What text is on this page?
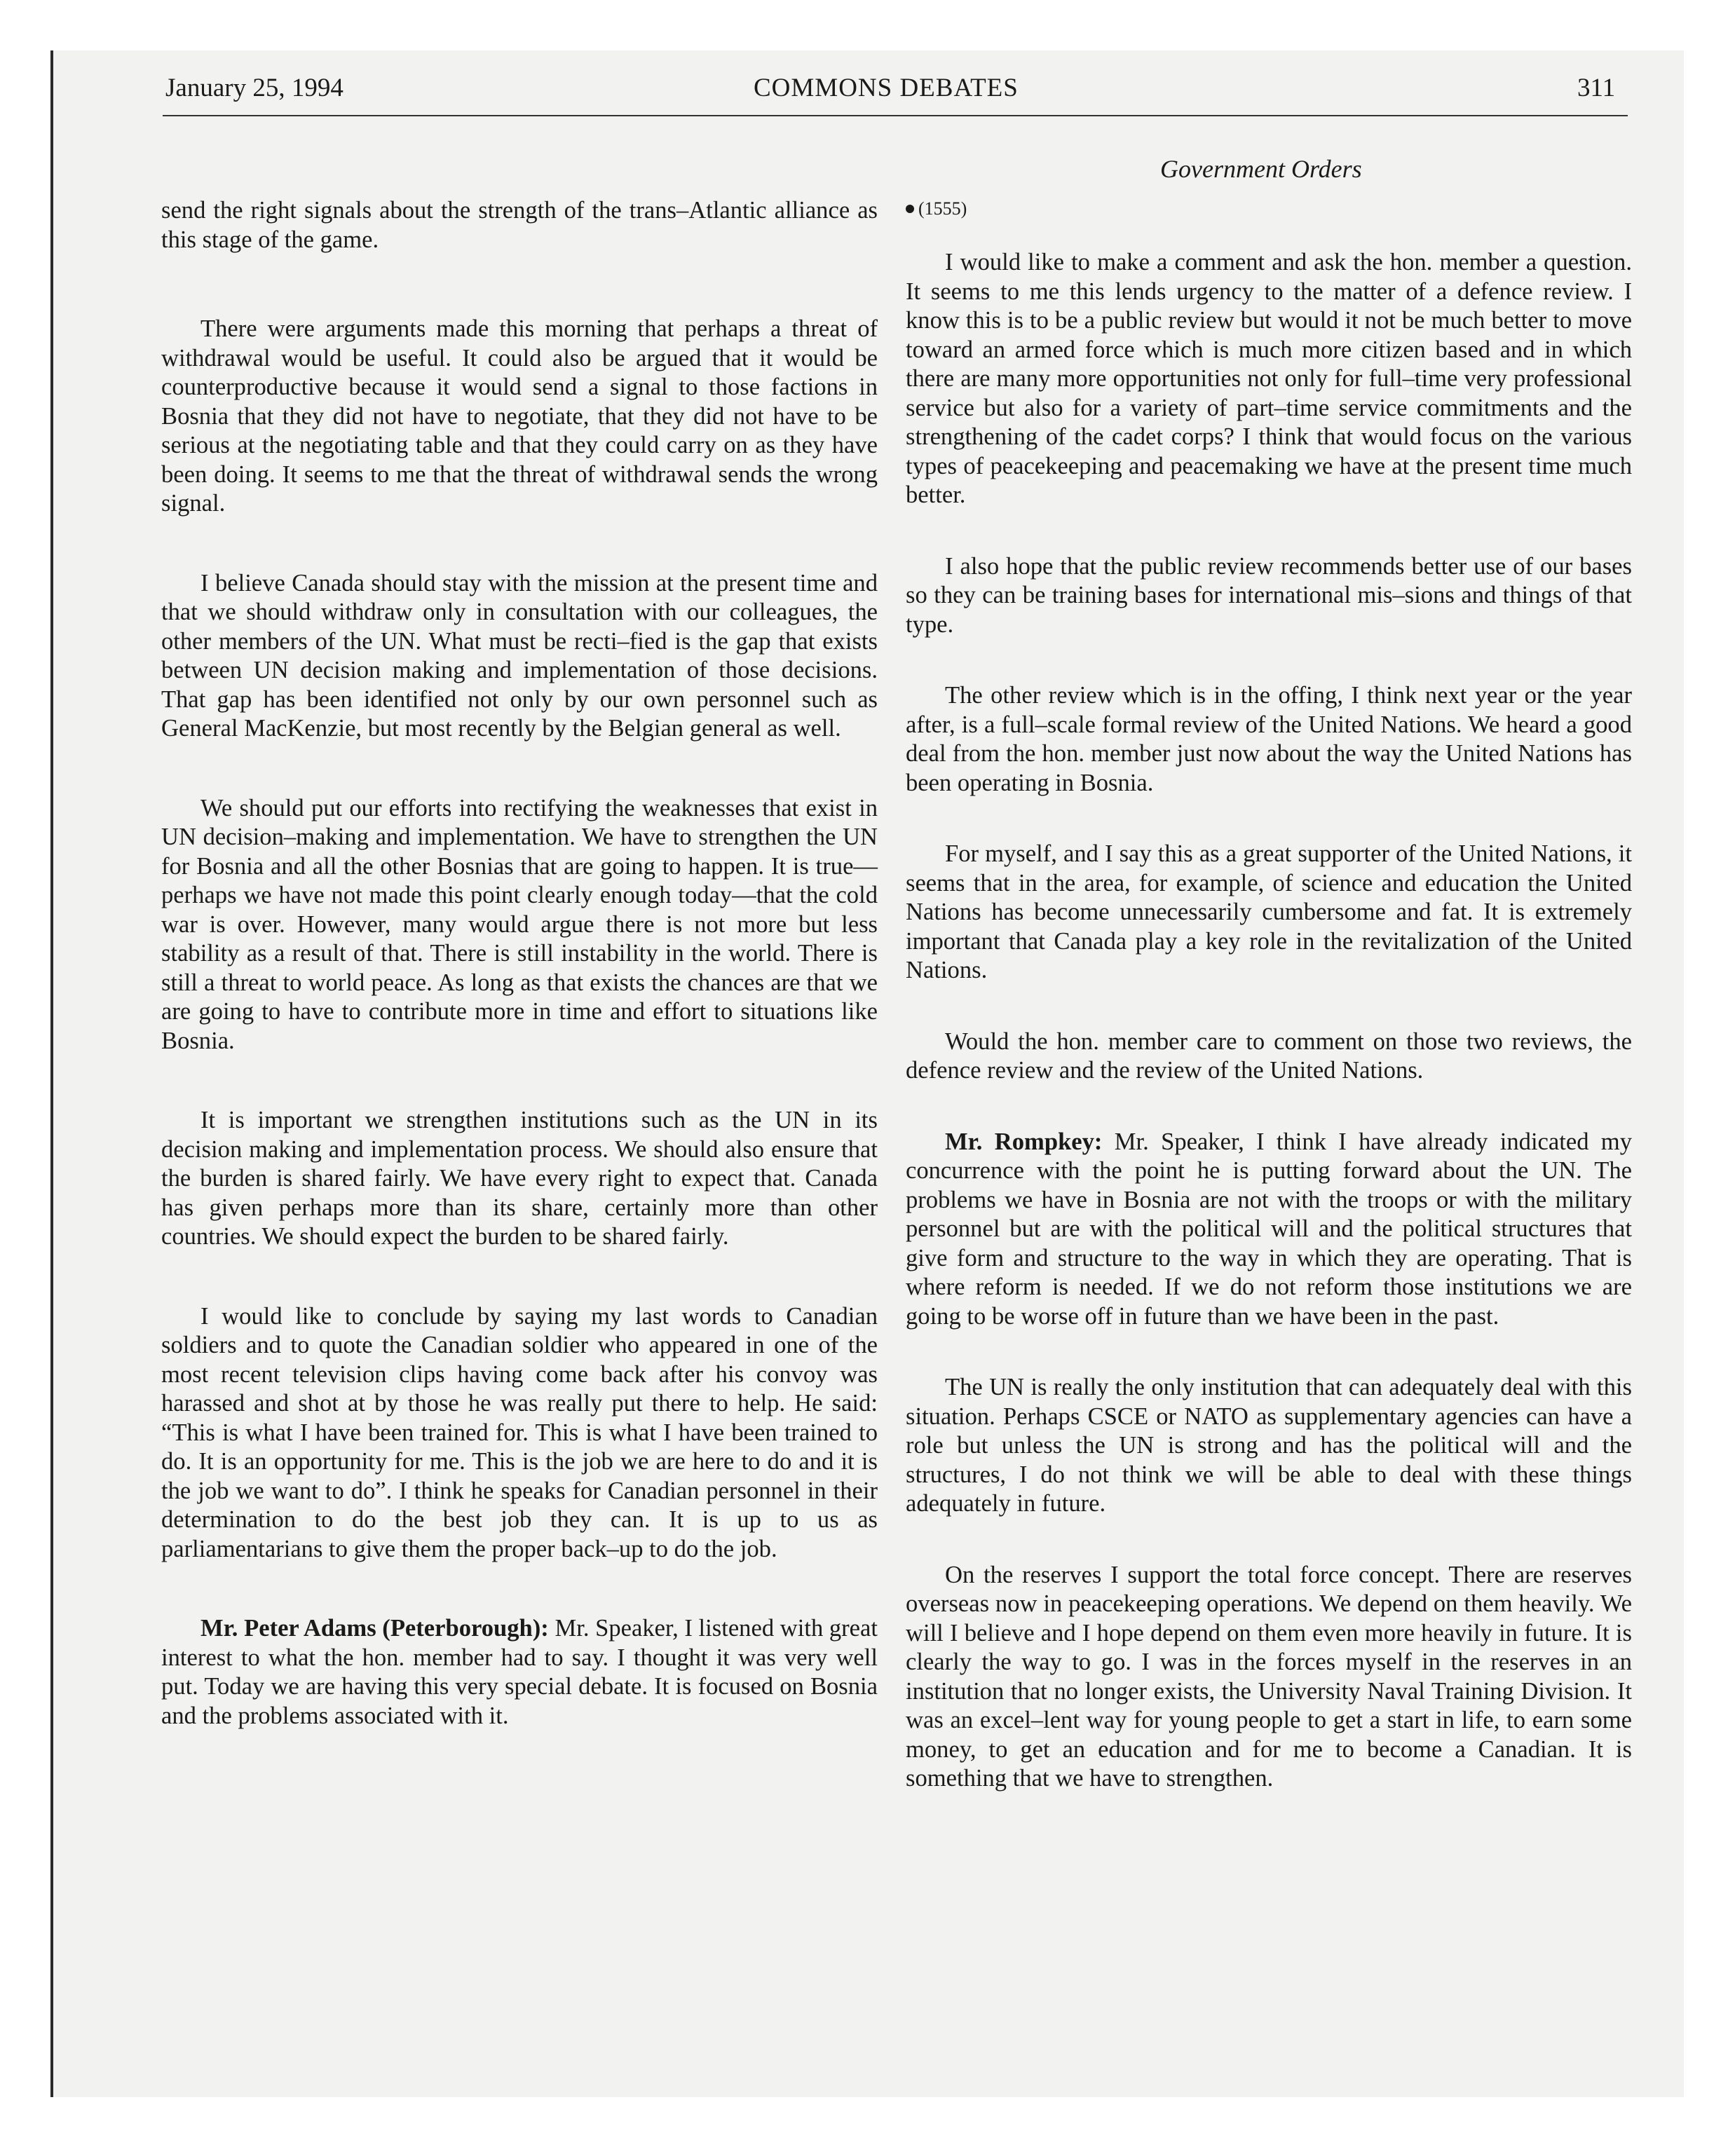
January 25, 1994	COMMONS DEBATES	311
Government Orders

send the right signals about the strength of the trans–Atlantic alliance as this stage of the game.

There were arguments made this morning that perhaps a threat of withdrawal would be useful. It could also be argued that it would be counterproductive because it would send a signal to those factions in Bosnia that they did not have to negotiate, that they did not have to be serious at the negotiating table and that they could carry on as they have been doing. It seems to me that the threat of withdrawal sends the wrong signal.

I believe Canada should stay with the mission at the present time and that we should withdraw only in consultation with our colleagues, the other members of the UN. What must be recti–fied is the gap that exists between UN decision making and implementation of those decisions. That gap has been identified not only by our own personnel such as General MacKenzie, but most recently by the Belgian general as well.

We should put our efforts into rectifying the weaknesses that exist in UN decision–making and implementation. We have to strengthen the UN for Bosnia and all the other Bosnias that are going to happen. It is true—perhaps we have not made this point clearly enough today—that the cold war is over. However, many would argue there is not more but less stability as a result of that. There is still instability in the world. There is still a threat to world peace. As long as that exists the chances are that we are going to have to contribute more in time and effort to situations like Bosnia.

It is important we strengthen institutions such as the UN in its decision making and implementation process. We should also ensure that the burden is shared fairly. We have every right to expect that. Canada has given perhaps more than its share, certainly more than other countries. We should expect the burden to be shared fairly.

I would like to conclude by saying my last words to Canadian soldiers and to quote the Canadian soldier who appeared in one of the most recent television clips having come back after his convoy was harassed and shot at by those he was really put there to help. He said: “This is what I have been trained for. This is what I have been trained to do. It is an opportunity for me. This is the job we are here to do and it is the job we want to do”. I think he speaks for Canadian personnel in their determination to do the best job they can. It is up to us as parliamentarians to give them the proper back–up to do the job.

Mr. Peter Adams (Peterborough): Mr. Speaker, I listened with great interest to what the hon. member had to say. I thought it was very well put. Today we are having this very special debate. It is focused on Bosnia and the problems associated with it.

(1555)

I would like to make a comment and ask the hon. member a question. It seems to me this lends urgency to the matter of a defence review. I know this is to be a public review but would it not be much better to move toward an armed force which is much more citizen based and in which there are many more opportunities not only for full–time very professional service but also for a variety of part–time service commitments and the strengthening of the cadet corps? I think that would focus on the various types of peacekeeping and peacemaking we have at the present time much better.

I also hope that the public review recommends better use of our bases so they can be training bases for international mis–sions and things of that type.

The other review which is in the offing, I think next year or the year after, is a full–scale formal review of the United Nations. We heard a good deal from the hon. member just now about the way the United Nations has been operating in Bosnia.

For myself, and I say this as a great supporter of the United Nations, it seems that in the area, for example, of science and education the United Nations has become unnecessarily cumbersome and fat. It is extremely important that Canada play a key role in the revitalization of the United Nations.

Would the hon. member care to comment on those two reviews, the defence review and the review of the United Nations.

Mr. Rompkey: Mr. Speaker, I think I have already indicated my concurrence with the point he is putting forward about the UN. The problems we have in Bosnia are not with the troops or with the military personnel but are with the political will and the political structures that give form and structure to the way in which they are operating. That is where reform is needed. If we do not reform those institutions we are going to be worse off in future than we have been in the past.

The UN is really the only institution that can adequately deal with this situation. Perhaps CSCE or NATO as supplementary agencies can have a role but unless the UN is strong and has the political will and the structures, I do not think we will be able to deal with these things adequately in future.

On the reserves I support the total force concept. There are reserves overseas now in peacekeeping operations. We depend on them heavily. We will I believe and I hope depend on them even more heavily in future. It is clearly the way to go. I was in the forces myself in the reserves in an institution that no longer exists, the University Naval Training Division. It was an excel–lent way for young people to get a start in life, to earn some money, to get an education and for me to become a Canadian. It is something that we have to strengthen.
